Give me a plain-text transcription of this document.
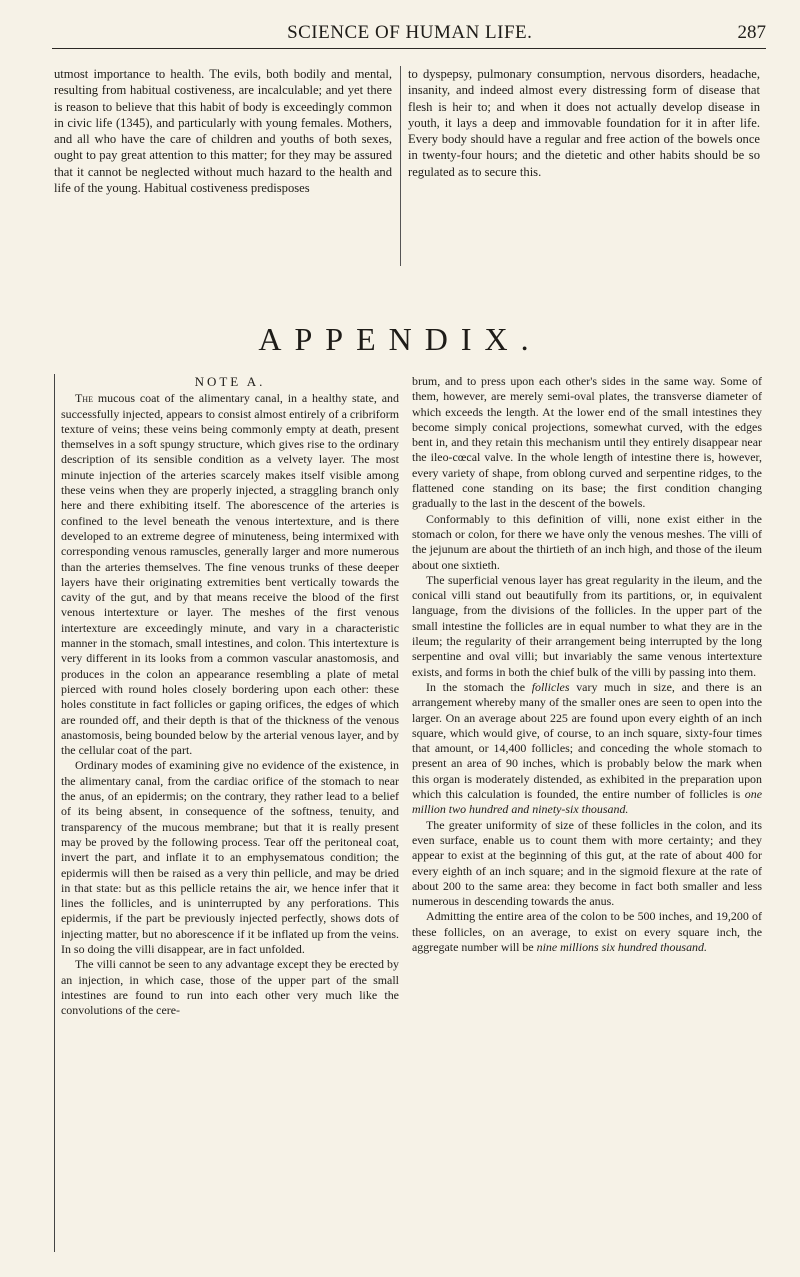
SCIENCE OF HUMAN LIFE.	287

utmost importance to health. The evils, both bodily and mental, resulting from habitual costiveness, are incalculable; and yet there is reason to believe that this habit of body is exceedingly common in civic life (1345), and particularly with young females. Mothers, and all who have the care of children and youths of both sexes, ought to pay great attention to this matter; for they may be assured that it cannot be neglected without much hazard to the health and life of the young. Habitual costiveness predisposes

to dyspepsy, pulmonary consumption, nervous disorders, headache, insanity, and indeed almost every distressing form of disease that flesh is heir to; and when it does not actually develop disease in youth, it lays a deep and immovable foundation for it in after life. Every body should have a regular and free action of the bowels once in twenty-four hours; and the dietetic and other habits should be so regulated as to secure this.

APPENDIX.
NOTE A.

The mucous coat of the alimentary canal, in a healthy state, and successfully injected, appears to consist almost entirely of a cribriform texture of veins; these veins being commonly empty at death, present themselves in a soft spungy structure, which gives rise to the ordinary description of its sensible condition as a velvety layer. The most minute injection of the arteries scarcely makes itself visible among these veins when they are properly injected, a straggling branch only here and there exhibiting itself. The aborescence of the arteries is confined to the level beneath the venous intertexture, and is there developed to an extreme degree of minuteness, being intermixed with corresponding venous ramuscles, generally larger and more numerous than the arteries themselves. The fine venous trunks of these deeper layers have their originating extremities bent vertically towards the cavity of the gut, and by that means receive the blood of the first venous intertexture or layer. The meshes of the first venous intertexture are exceedingly minute, and vary in a characteristic manner in the stomach, small intestines, and colon. This intertexture is very different in its looks from a common vascular anastomosis, and produces in the colon an appearance resembling a plate of metal pierced with round holes closely bordering upon each other: these holes constitute in fact follicles or gaping orifices, the edges of which are rounded off, and their depth is that of the thickness of the venous anastomosis, being bounded below by the arterial venous layer, and by the cellular coat of the part.

Ordinary modes of examining give no evidence of the existence, in the alimentary canal, from the cardiac orifice of the stomach to near the anus, of an epidermis; on the contrary, they rather lead to a belief of its being absent, in consequence of the softness, tenuity, and transparency of the mucous membrane; but that it is really present may be proved by the following process. Tear off the peritoneal coat, invert the part, and inflate it to an emphysematous condition; the epidermis will then be raised as a very thin pellicle, and may be dried in that state: but as this pellicle retains the air, we hence infer that it lines the follicles, and is uninterrupted by any perforations. This epidermis, if the part be previously injected perfectly, shows dots of injecting matter, but no aborescence if it be inflated up from the veins. In so doing the villi disappear, are in fact unfolded.

The villi cannot be seen to any advantage except they be erected by an injection, in which case, those of the upper part of the small intestines are found to run into each other very much like the convolutions of the cere-

brum, and to press upon each other's sides in the same way. Some of them, however, are merely semi-oval plates, the transverse diameter of which exceeds the length. At the lower end of the small intestines they become simply conical projections, somewhat curved, with the edges bent in, and they retain this mechanism until they entirely disappear near the ileo-cœcal valve. In the whole length of intestine there is, however, every variety of shape, from oblong curved and serpentine ridges, to the flattened cone standing on its base; the first condition changing gradually to the last in the descent of the bowels.

Conformably to this definition of villi, none exist either in the stomach or colon, for there we have only the venous meshes. The villi of the jejunum are about the thirtieth of an inch high, and those of the ileum about one sixtieth.

The superficial venous layer has great regularity in the ileum, and the conical villi stand out beautifully from its partitions, or, in equivalent language, from the divisions of the follicles. In the upper part of the small intestine the follicles are in equal number to what they are in the ileum; the regularity of their arrangement being interrupted by the long serpentine and oval villi; but invariably the same venous intertexture exists, and forms in both the chief bulk of the villi by passing into them.

In the stomach the follicles vary much in size, and there is an arrangement whereby many of the smaller ones are seen to open into the larger. On an average about 225 are found upon every eighth of an inch square, which would give, of course, to an inch square, sixty-four times that amount, or 14,400 follicles; and conceding the whole stomach to present an area of 90 inches, which is probably below the mark when this organ is moderately distended, as exhibited in the preparation upon which this calculation is founded, the entire number of follicles is one million two hundred and ninety-six thousand.

The greater uniformity of size of these follicles in the colon, and its even surface, enable us to count them with more certainty; and they appear to exist at the beginning of this gut, at the rate of about 400 for every eighth of an inch square; and in the sigmoid flexure at the rate of about 200 to the same area: they become in fact both smaller and less numerous in descending towards the anus.

Admitting the entire area of the colon to be 500 inches, and 19,200 of these follicles, on an average, to exist on every square inch, the aggregate number will be nine millions six hundred thousand.
